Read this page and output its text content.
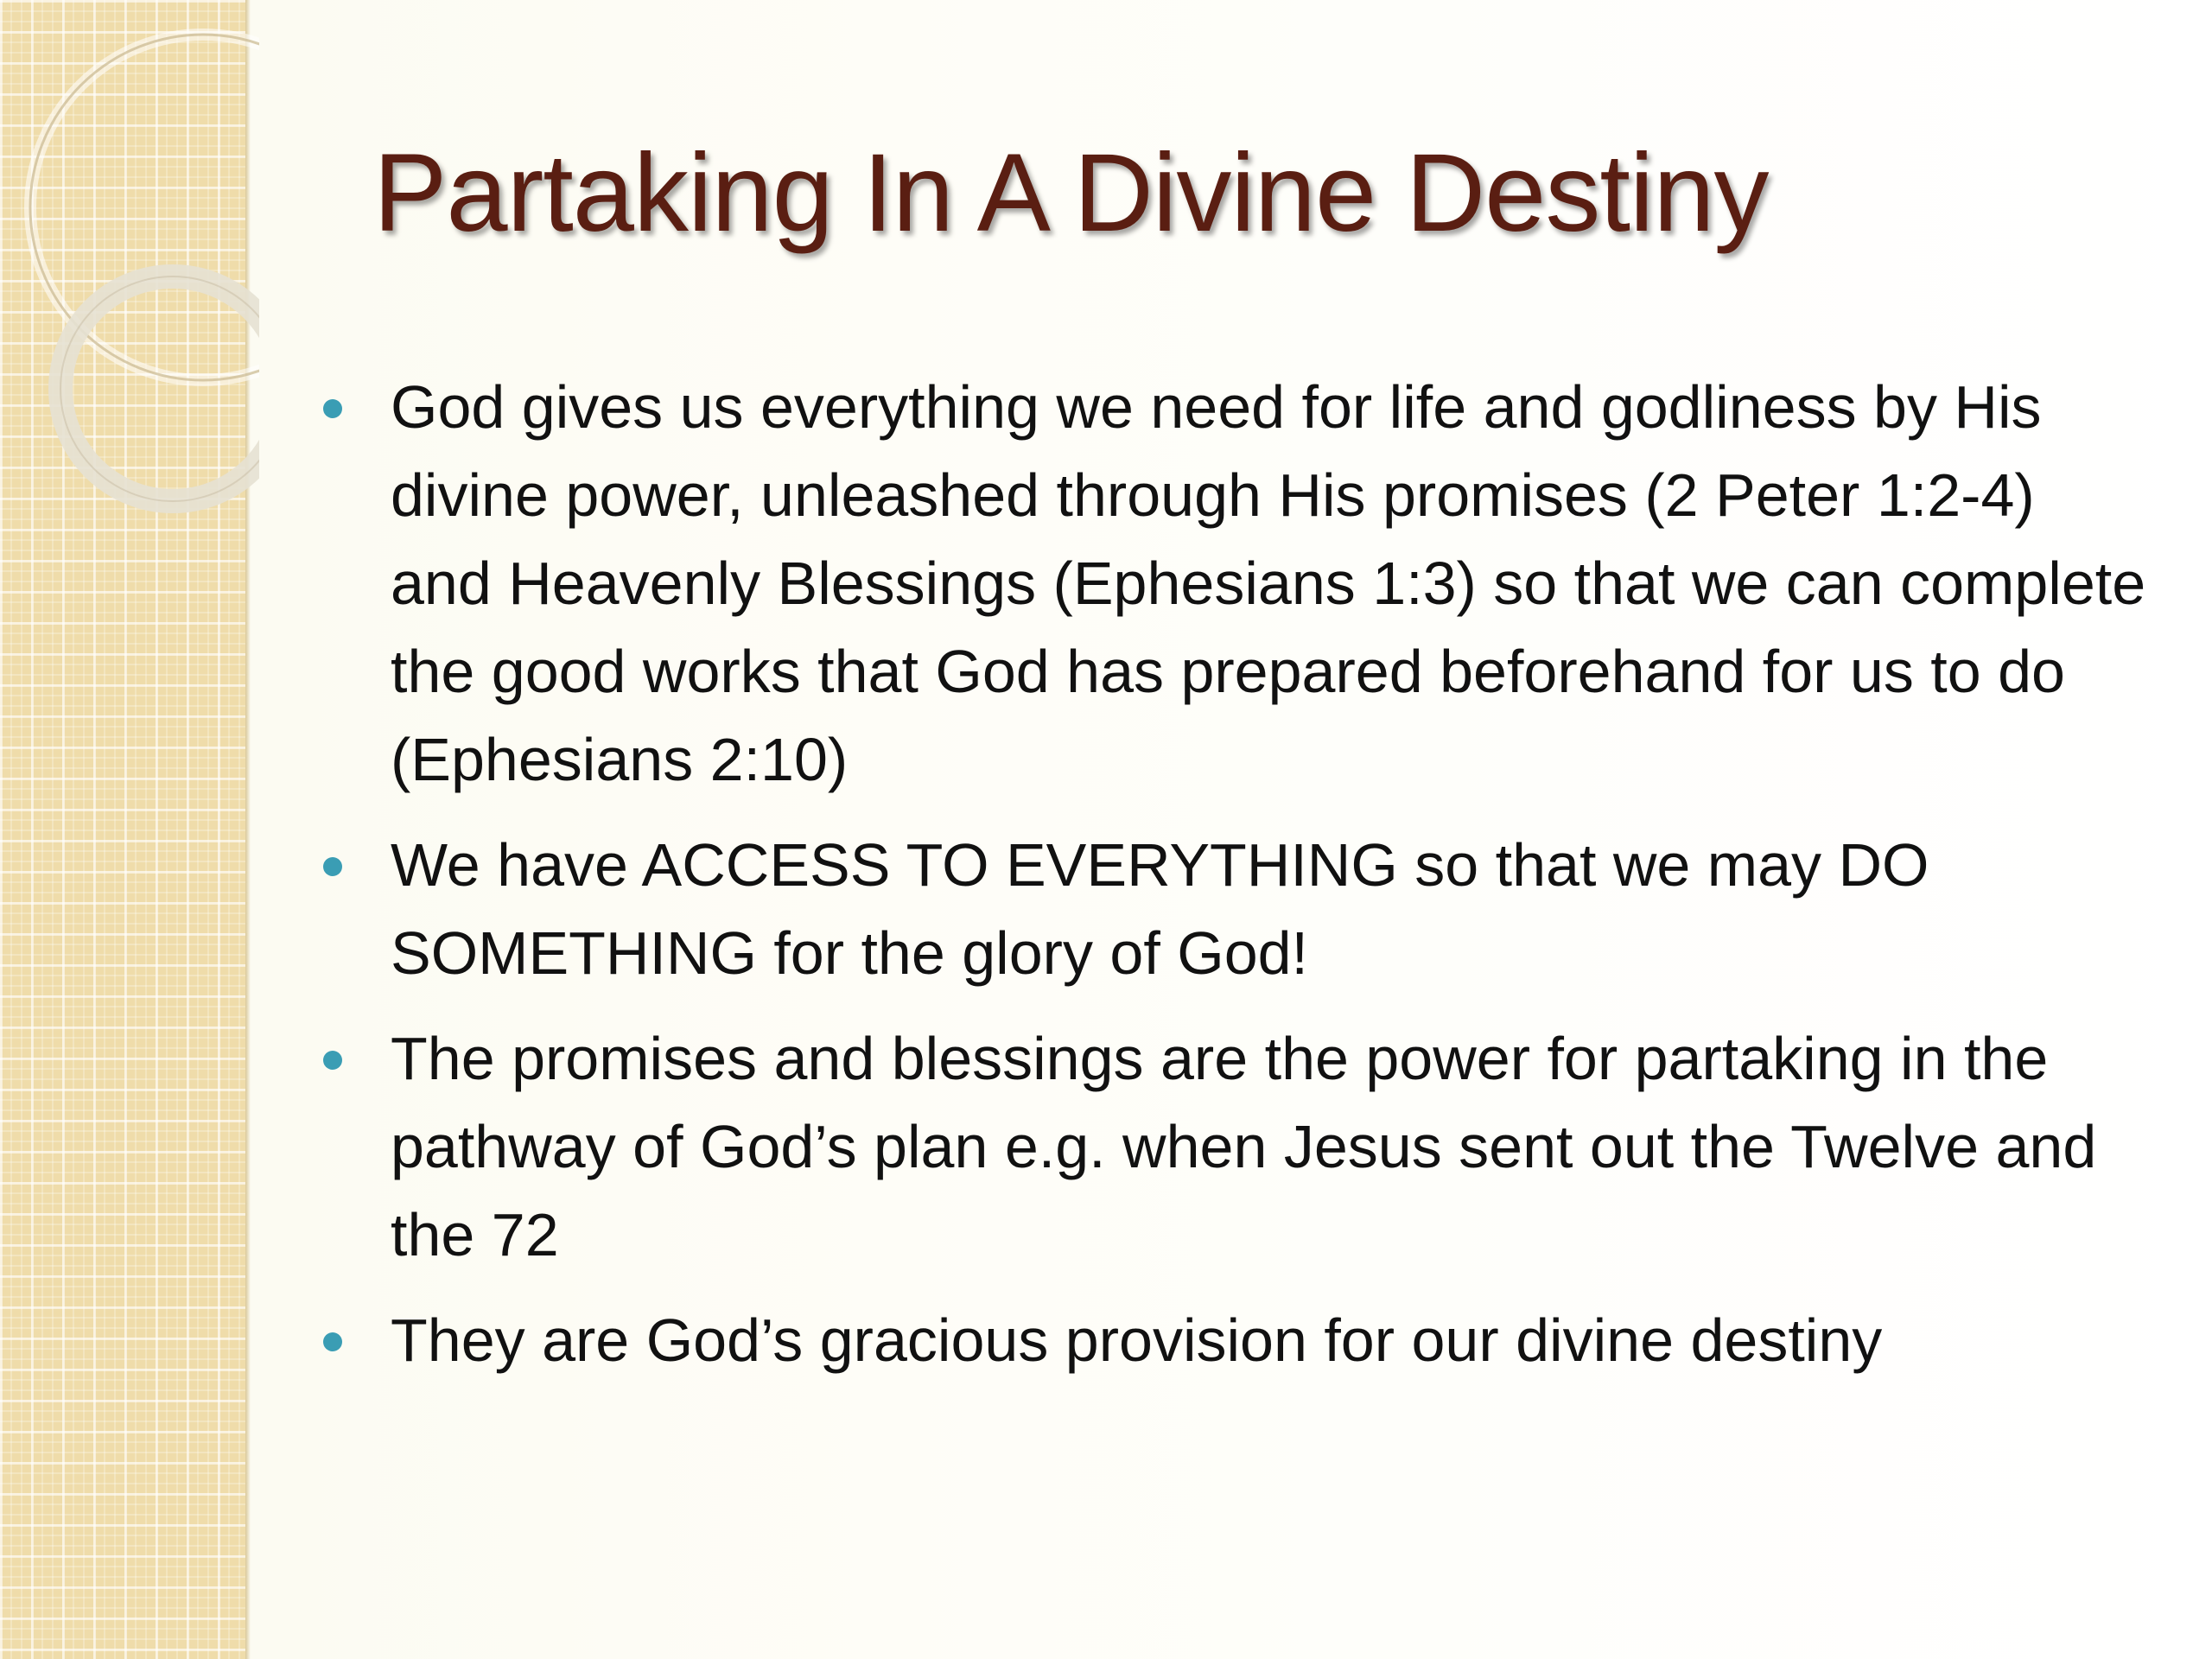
Partaking In A Divine Destiny
God gives us everything we need for life and godliness by His divine power, unleashed through His promises (2 Peter 1:2-4) and Heavenly Blessings (Ephesians 1:3) so that we can complete the good works that God has prepared beforehand for us to do (Ephesians 2:10)
We have ACCESS TO EVERYTHING so that we may DO SOMETHING for the glory of God!
The promises and blessings are the power for partaking in the pathway of God’s plan e.g. when Jesus sent out the Twelve and the 72
They are God’s gracious provision for our divine destiny
